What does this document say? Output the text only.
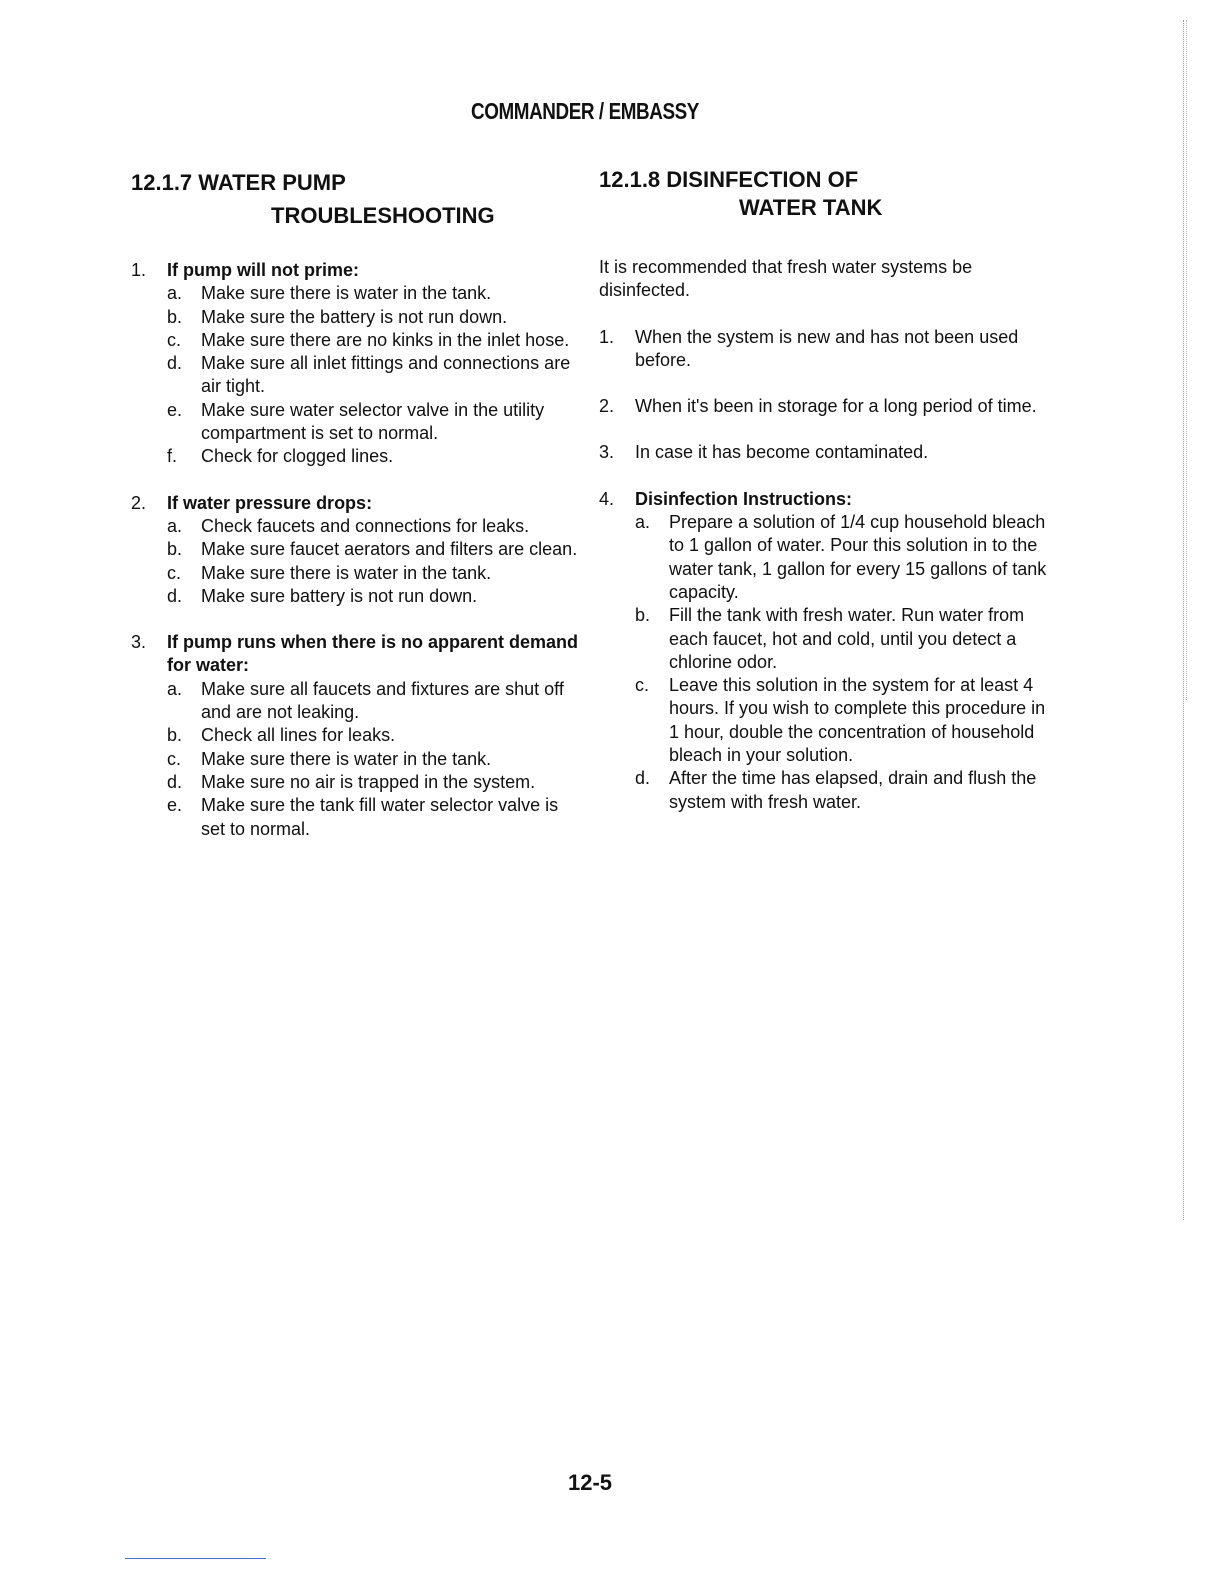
COMMANDER / EMBASSY
12.1.7 WATER PUMP
TROUBLESHOOTING
1. If pump will not prime:
a. Make sure there is water in the tank.
b. Make sure the battery is not run down.
c. Make sure there are no kinks in the inlet hose.
d. Make sure all inlet fittings and connections are air tight.
e. Make sure water selector valve in the utility compartment is set to normal.
f. Check for clogged lines.
2. If water pressure drops:
a. Check faucets and connections for leaks.
b. Make sure faucet aerators and filters are clean.
c. Make sure there is water in the tank.
d. Make sure battery is not run down.
3. If pump runs when there is no apparent demand for water:
a. Make sure all faucets and fixtures are shut off and are not leaking.
b. Check all lines for leaks.
c. Make sure there is water in the tank.
d. Make sure no air is trapped in the system.
e. Make sure the tank fill water selector valve is set to normal.
12.1.8 DISINFECTION OF
WATER TANK

It is recommended that fresh water systems be disinfected.

1. When the system is new and has not been used before.
2. When it's been in storage for a long period of time.
3. In case it has become contaminated.
4. Disinfection Instructions:
a. Prepare a solution of 1/4 cup household bleach to 1 gallon of water. Pour this solution in to the water tank, 1 gallon for every 15 gallons of tank capacity.
b. Fill the tank with fresh water. Run water from each faucet, hot and cold, until you detect a chlorine odor.
c. Leave this solution in the system for at least 4 hours. If you wish to complete this procedure in 1 hour, double the concentration of household bleach in your solution.
d. After the time has elapsed, drain and flush the system with fresh water.
12-5
